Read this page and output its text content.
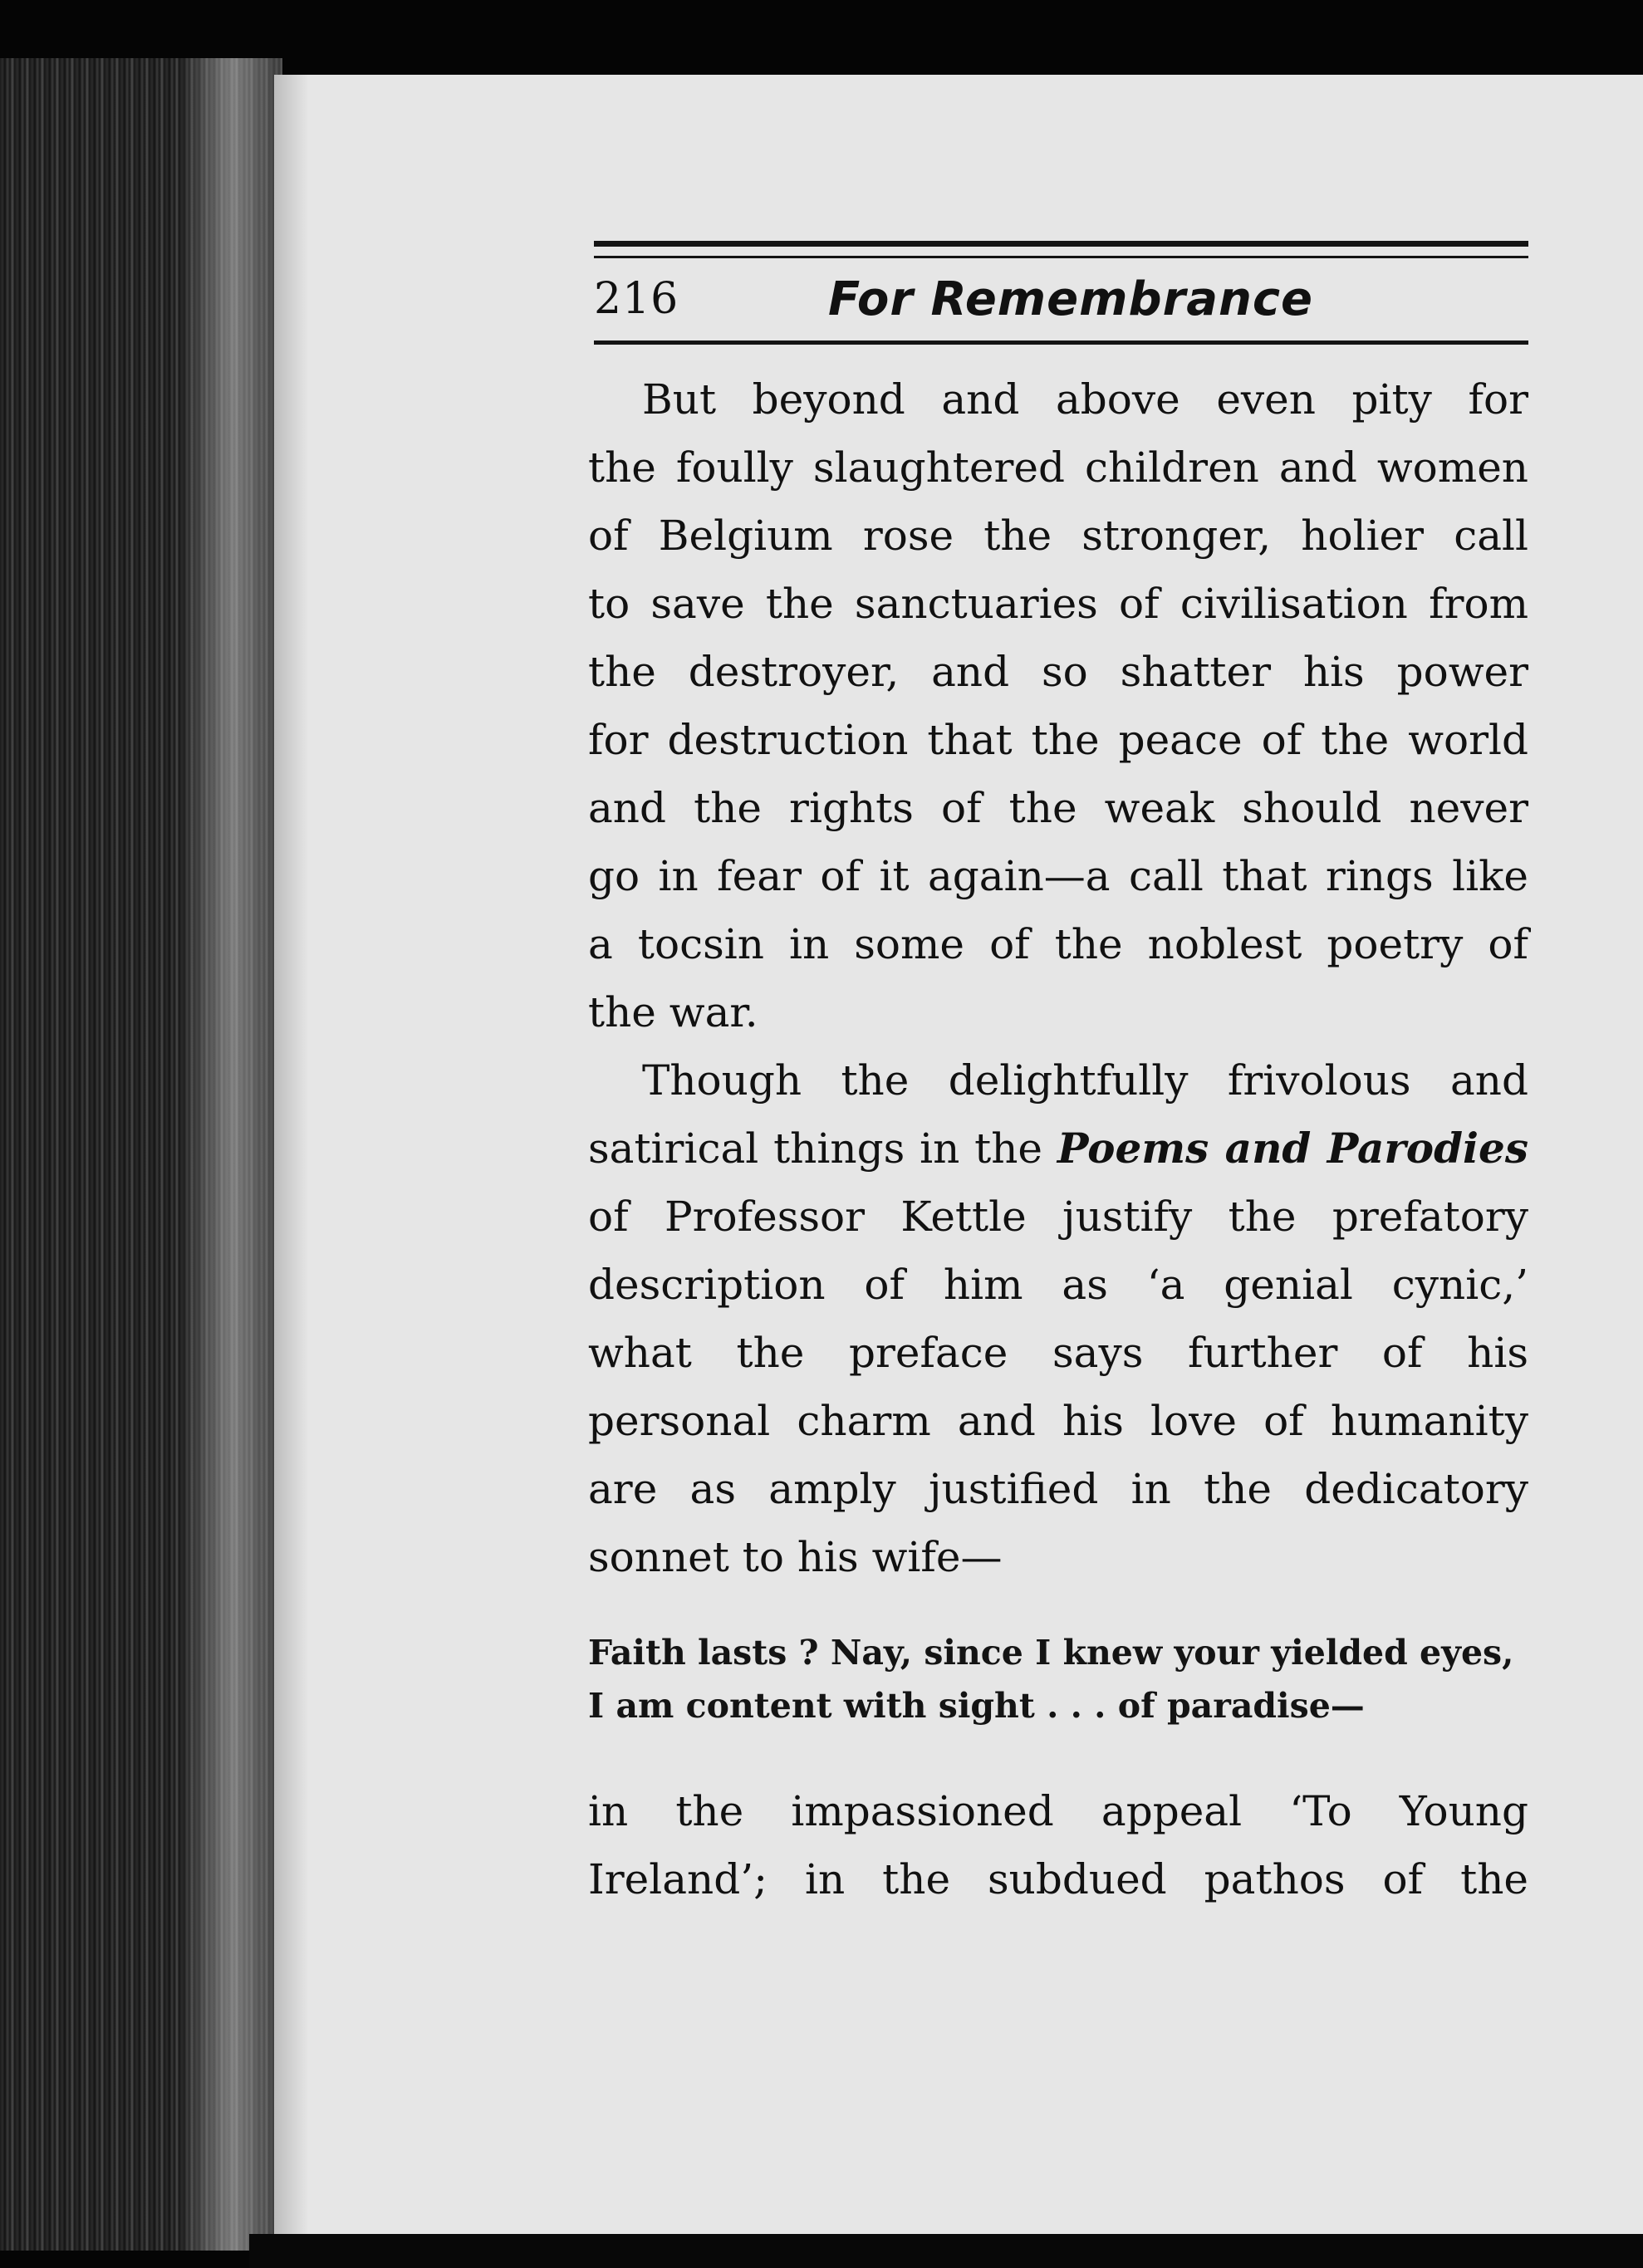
216	For Remembrance

But beyond and above even pity for
the foully slaughtered children and women
of Belgium rose the stronger, holier call
to save the sanctuaries of civilisation from
the destroyer, and so shatter his power
for destruction that the peace of the world
and the rights of the weak should never
go in fear of it again—a call that rings like
a tocsin in some of the noblest poetry of
the war.

Though the delightfully frivolous and
satirical things in the Poems and Parodies
of Professor Kettle justify the prefatory
description of him as ‘a genial cynic,’
what the preface says further of his
personal charm and his love of humanity
are as amply justified in the dedicatory
sonnet to his wife—

Faith lasts ? Nay, since I knew your yielded eyes,
I am content with sight . . . of paradise—

in the impassioned appeal ‘To Young
Ireland’; in the subdued pathos of the
